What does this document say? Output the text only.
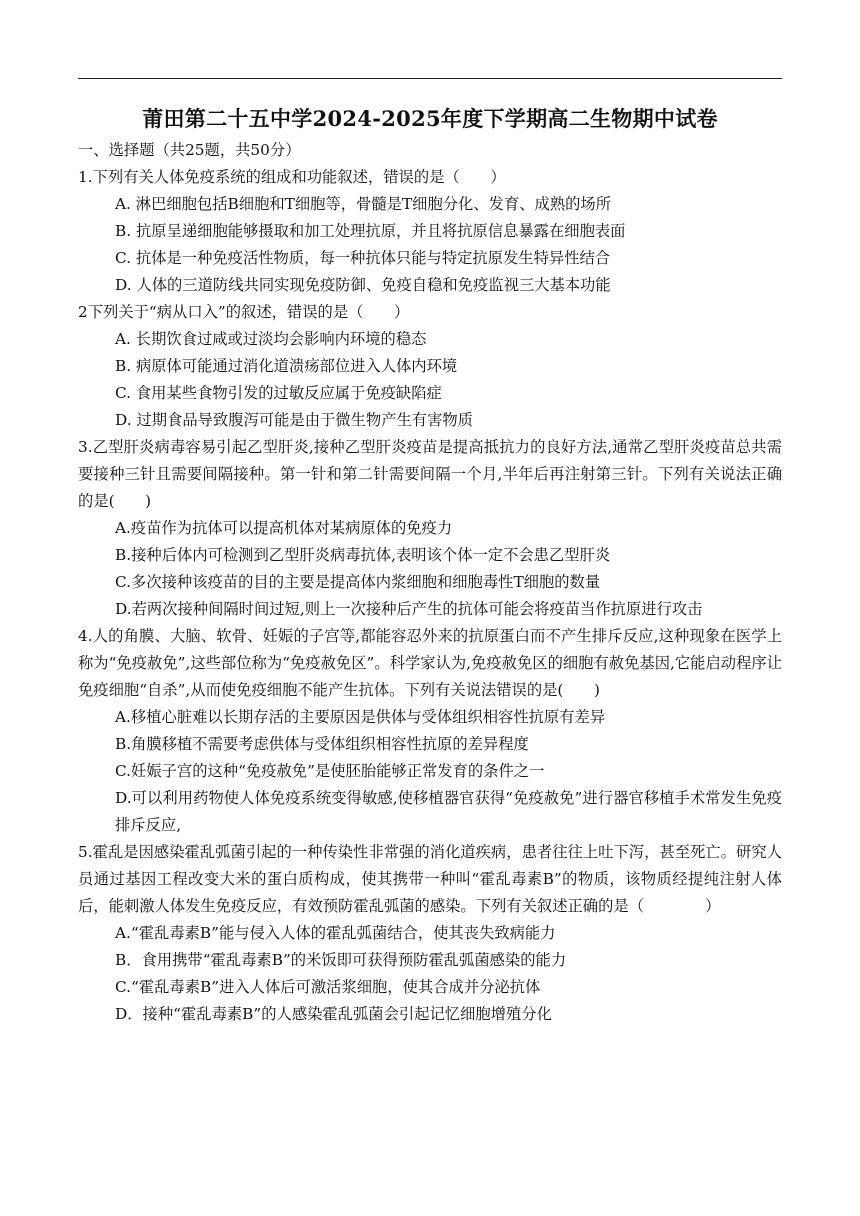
莆田第二十五中学2024-2025年度下学期高二生物期中试卷

一、选择题（共25题，共50分）

1.下列有关人体免疫系统的组成和功能叙述，错误的是（　　）

A. 淋巴细胞包括B细胞和T细胞等，骨髓是T细胞分化、发育、成熟的场所

B. 抗原呈递细胞能够摄取和加工处理抗原，并且将抗原信息暴露在细胞表面

C. 抗体是一种免疫活性物质，每一种抗体只能与特定抗原发生特异性结合

D. 人体的三道防线共同实现免疫防御、免疫自稳和免疫监视三大基本功能

2下列关于“病从口入”的叙述，错误的是（　　）

A. 长期饮食过咸或过淡均会影响内环境的稳态

B. 病原体可能通过消化道溃疡部位进入人体内环境

C. 食用某些食物引发的过敏反应属于免疫缺陷症

D. 过期食品导致腹泻可能是由于微生物产生有害物质

3.乙型肝炎病毒容易引起乙型肝炎,接种乙型肝炎疫苗是提高抵抗力的良好方法,通常乙型肝炎疫苗总共需要接种三针且需要间隔接种。第一针和第二针需要间隔一个月,半年后再注射第三针。下列有关说法正确的是(　　)

A.疫苗作为抗体可以提高机体对某病原体的免疫力

B.接种后体内可检测到乙型肝炎病毒抗体,表明该个体一定不会患乙型肝炎

C.多次接种该疫苗的目的主要是提高体内浆细胞和细胞毒性T细胞的数量

D.若两次接种间隔时间过短,则上一次接种后产生的抗体可能会将疫苗当作抗原进行攻击

4.人的角膜、大脑、软骨、妊娠的子宫等,都能容忍外来的抗原蛋白而不产生排斥反应,这种现象在医学上称为“免疫赦免”,这些部位称为“免疫赦免区”。科学家认为,免疫赦免区的细胞有赦免基因,它能启动程序让免疫细胞“自杀”,从而使免疫细胞不能产生抗体。下列有关说法错误的是(　　)

A.移植心脏难以长期存活的主要原因是供体与受体组织相容性抗原有差异

B.角膜移植不需要考虑供体与受体组织相容性抗原的差异程度

C.妊娠子宫的这种“免疫赦免”是使胚胎能够正常发育的条件之一

D.可以利用药物使人体免疫系统变得敏感,使移植器官获得“免疫赦免”进行器官移植手术常发生免疫排斥反应,

5.霍乱是因感染霍乱弧菌引起的一种传染性非常强的消化道疾病，患者往往上吐下泻，甚至死亡。研究人员通过基因工程改变大米的蛋白质构成，使其携带一种叫“霍乱毒素B”的物质，该物质经提纯注射人体后，能刺激人体发生免疫反应，有效预防霍乱弧菌的感染。下列有关叙述正确的是（　　　　）

A.“霍乱毒素B”能与侵入人体的霍乱弧菌结合，使其丧失致病能力

B．食用携带“霍乱毒素B”的米饭即可获得预防霍乱弧菌感染的能力

C.“霍乱毒素B”进入人体后可激活浆细胞，使其合成并分泌抗体

D．接种“霍乱毒素B”的人感染霍乱弧菌会引起记忆细胞增殖分化
